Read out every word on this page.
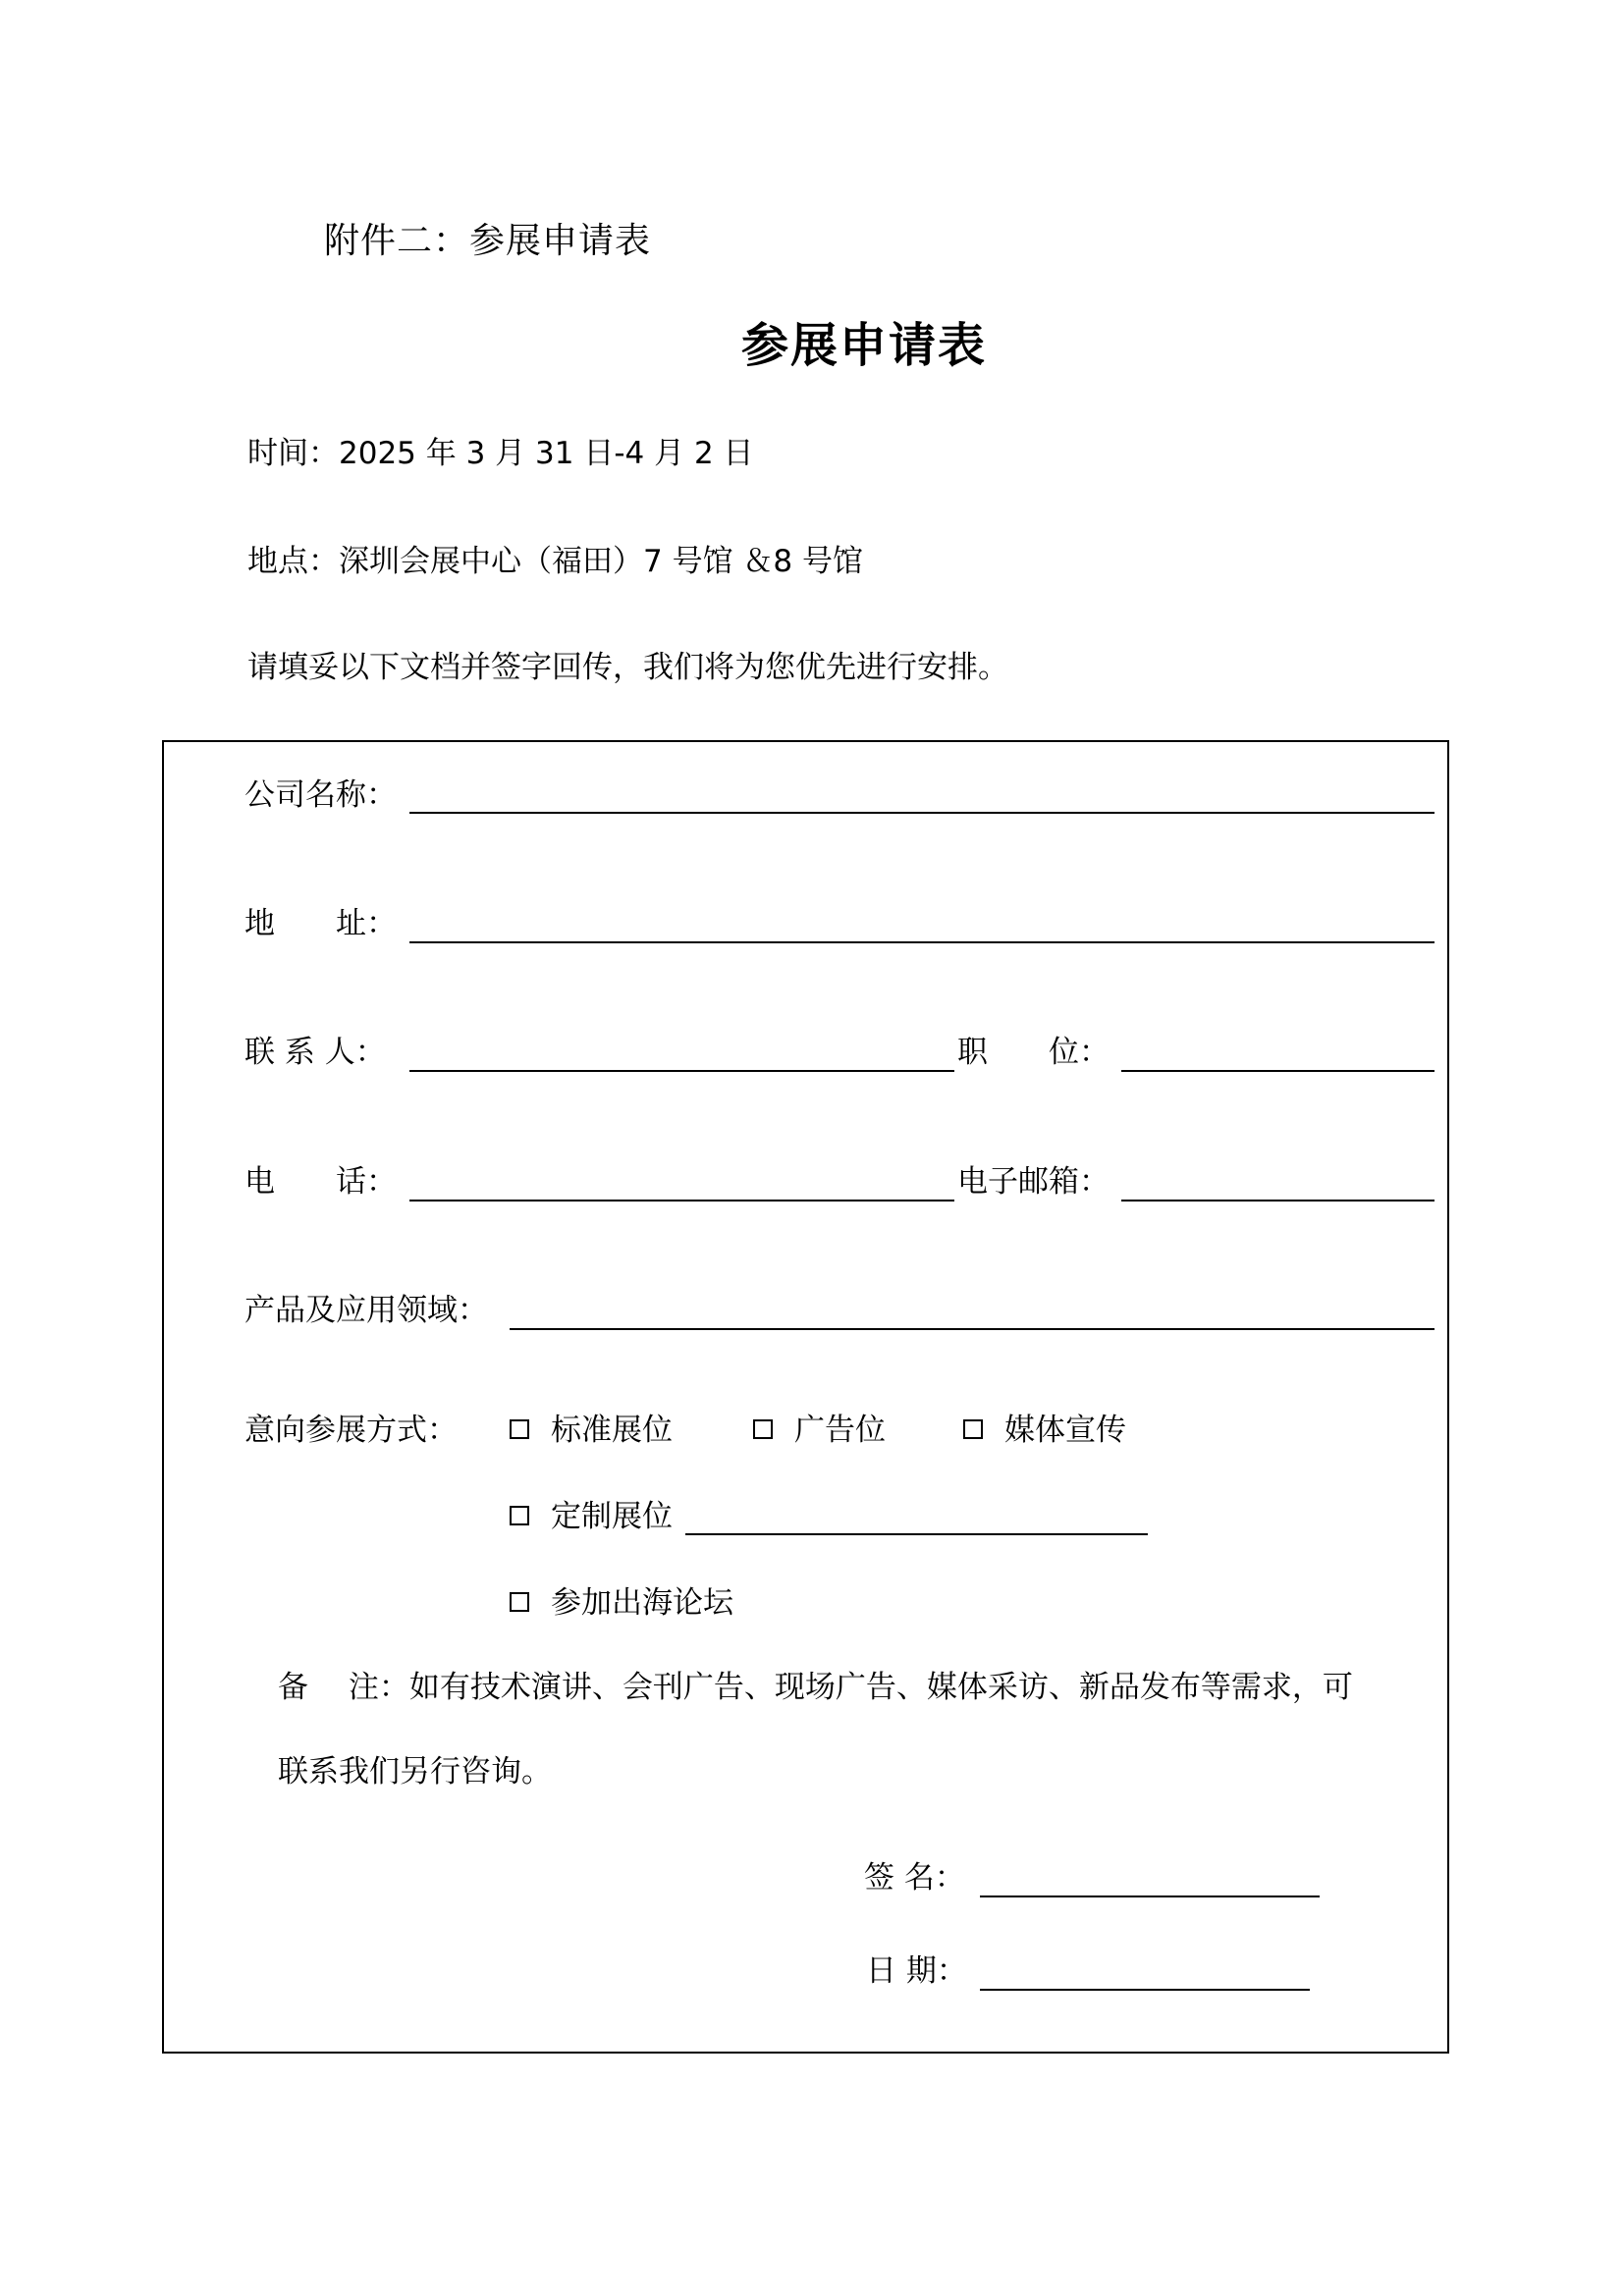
附件二：参展申请表
参展申请表
时间：2025 年 3 月 31 日-4 月 2 日
地点：深圳会展中心（福田）7 号馆 ＆8 号馆
请填妥以下文档并签字回传，我们将为您优先进行安排。
公司名称：
地　　址：
联 系 人：	职　　位：
电　　话：	电子邮箱：
产品及应用领域：
意向参展方式：	标准展位	广告位	媒体宣传
定制展位
参加出海论坛
备　 注：如有技术演讲、会刊广告、现场广告、媒体采访、新品发布等需求，可
联系我们另行咨询。
签 名：
日 期：
